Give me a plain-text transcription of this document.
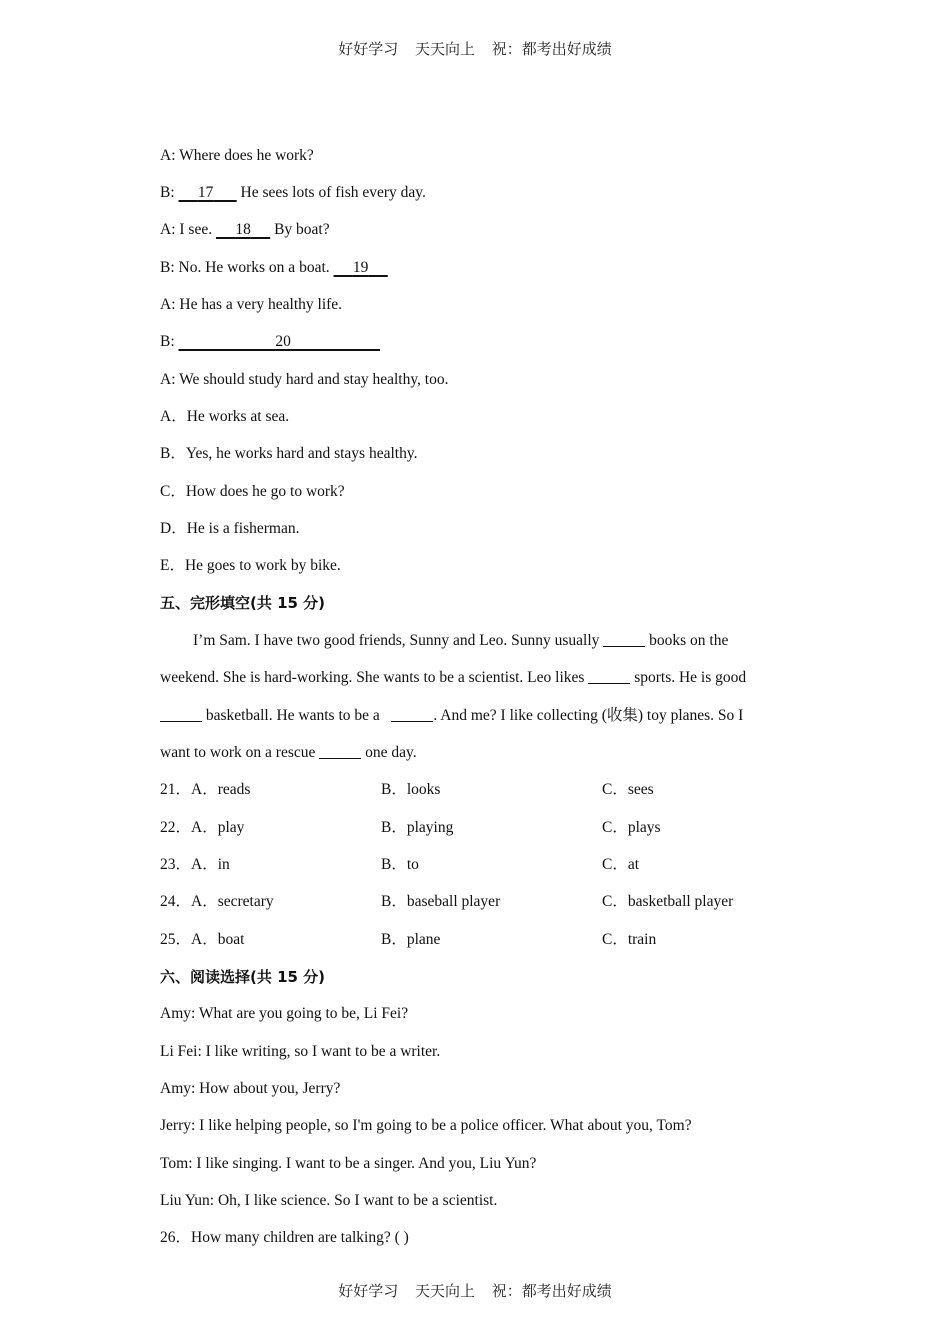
好好学习 天天向上 祝：都考出好成绩
A: Where does he work?
B: 17 He sees lots of fish every day.
A: I see. 18 By boat?
B: No. He works on a boat. 19
A: He has a very healthy life.
B:	20
A: We should study hard and stay healthy, too.
A．He works at sea.
B．Yes, he works hard and stays healthy.
C．How does he go to work?
D．He is a fisherman.
E．He goes to work by bike.
五、完形填空(共 15 分)
I’m Sam. I have two good friends, Sunny and Leo. Sunny usually	books on the
weekend. She is hard-working. She wants to be a scientist. Leo likes	sports. He is good
basketball. He wants to be a	. And me? I like collecting (收集) toy planes. So I
want to work on a rescue	one day.
21．A．reads	B．looks	C．sees
22．A．play	B．playing	C．plays
23．A．in	B．to	C．at
24．A．secretary	B．baseball player	C．basketball player
25．A．boat	B．plane	C．train
六、阅读选择(共 15 分)
Amy: What are you going to be, Li Fei?
Li Fei: I like writing, so I want to be a writer.
Amy: How about you, Jerry?
Jerry: I like helping people, so I'm going to be a police officer. What about you, Tom?
Tom: I like singing. I want to be a singer. And you, Liu Yun?
Liu Yun: Oh, I like science. So I want to be a scientist.
26．How many children are talking? ( )
好好学习 天天向上 祝：都考出好成绩
